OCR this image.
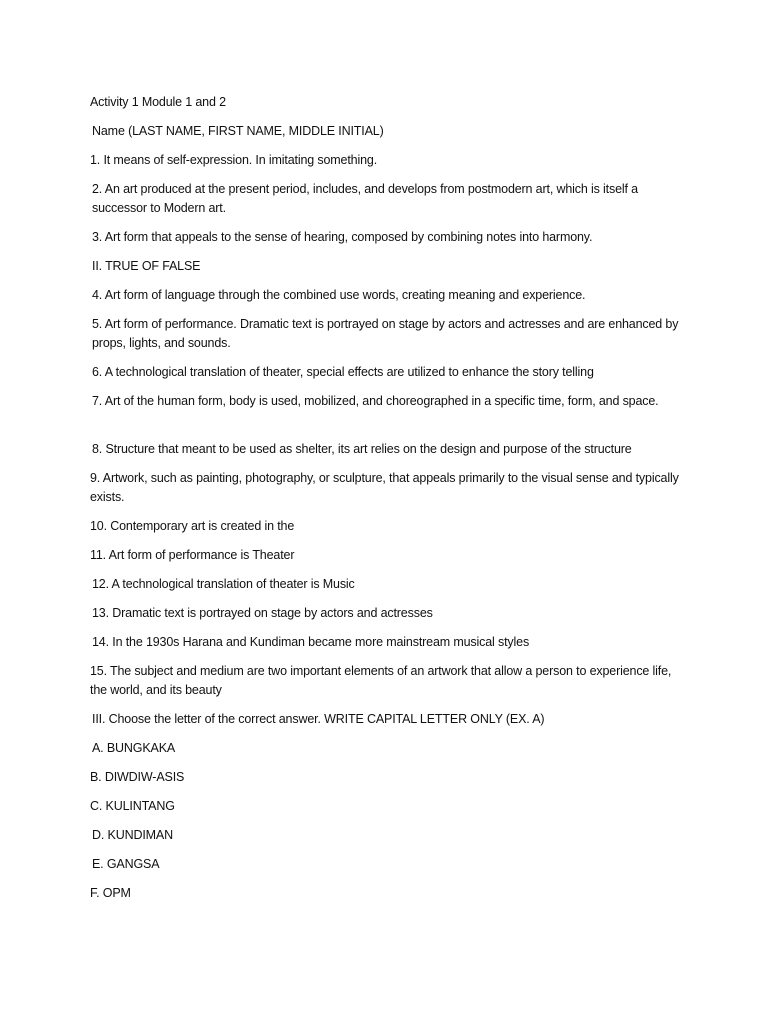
Activity 1 Module 1 and 2
Name (LAST NAME, FIRST NAME, MIDDLE INITIAL)
1. It means of self-expression. In imitating something.
2. An art produced at the present period, includes, and develops from postmodern art, which is itself a successor to Modern art.
3. Art form that appeals to the sense of hearing, composed by combining notes into harmony.
II. TRUE OF FALSE
4. Art form of language through the combined use words, creating meaning and experience.
5. Art form of performance. Dramatic text is portrayed on stage by actors and actresses and are enhanced by props, lights, and sounds.
6. A technological translation of theater, special effects are utilized to enhance the story telling
7. Art of the human form, body is used, mobilized, and choreographed in a specific time, form, and space.
8. Structure that meant to be used as shelter, its art relies on the design and purpose of the structure
9. Artwork, such as painting, photography, or sculpture, that appeals primarily to the visual sense and typically exists.
10. Contemporary art is created in the
11. Art form of performance is Theater
12. A technological translation of theater is Music
13. Dramatic text is portrayed on stage by actors and actresses
14. In the 1930s Harana and Kundiman became more mainstream musical styles
15. The subject and medium are two important elements of an artwork that allow a person to experience life, the world, and its beauty
III. Choose the letter of the correct answer. WRITE CAPITAL LETTER ONLY (EX. A)
A. BUNGKAKA
B. DIWDIW-ASIS
C. KULINTANG
D. KUNDIMAN
E. GANGSA
F. OPM
